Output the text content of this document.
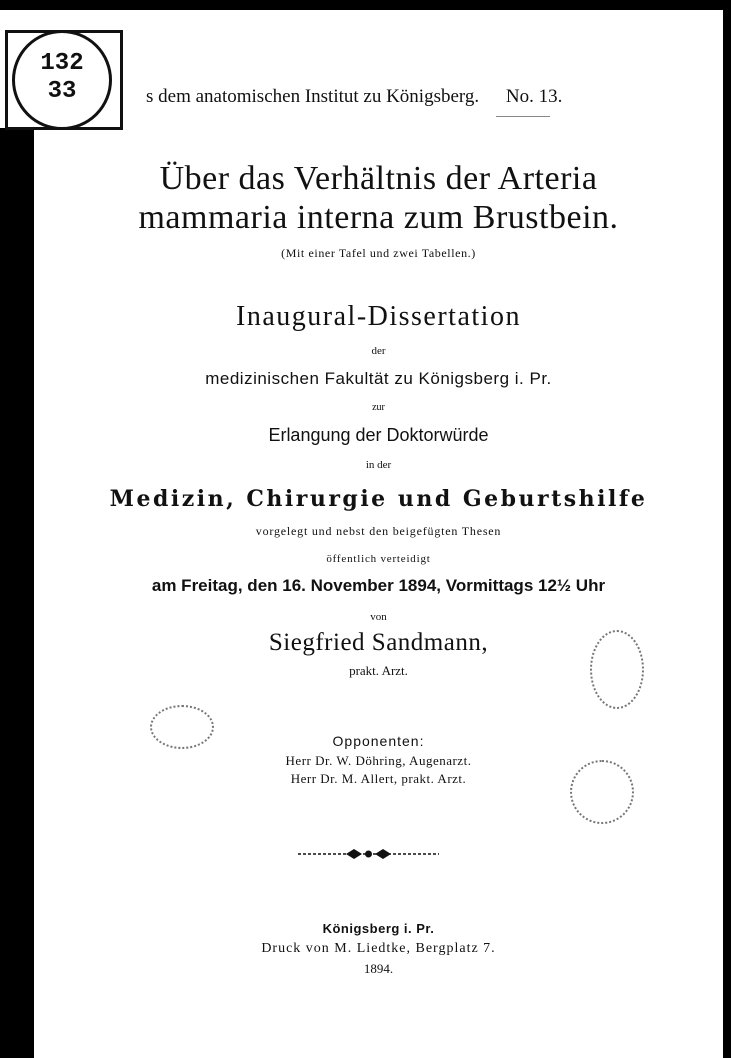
132
33	s dem anatomischen Institut zu Königsberg. No. 13.
Über das Verhältnis der Arteria
mammaria interna zum Brustbein.
(Mit einer Tafel und zwei Tabellen.)
Inaugural-Dissertation
der
medizinischen Fakultät zu Königsberg i. Pr.
zur
Erlangung der Doktorwürde
in der
Medizin, Chirurgie und Geburtshilfe
vorgelegt und nebst den beigefügten Thesen
öffentlich verteidigt
am Freitag, den 16. November 1894, Vormittags 12½ Uhr
von
Siegfried Sandmann,
prakt. Arzt.
Opponenten:
Herr Dr. W. Döhring, Augenarzt.
Herr Dr. M. Allert, prakt. Arzt.
Königsberg i. Pr.
Druck von M. Liedtke, Bergplatz 7.
1894.
